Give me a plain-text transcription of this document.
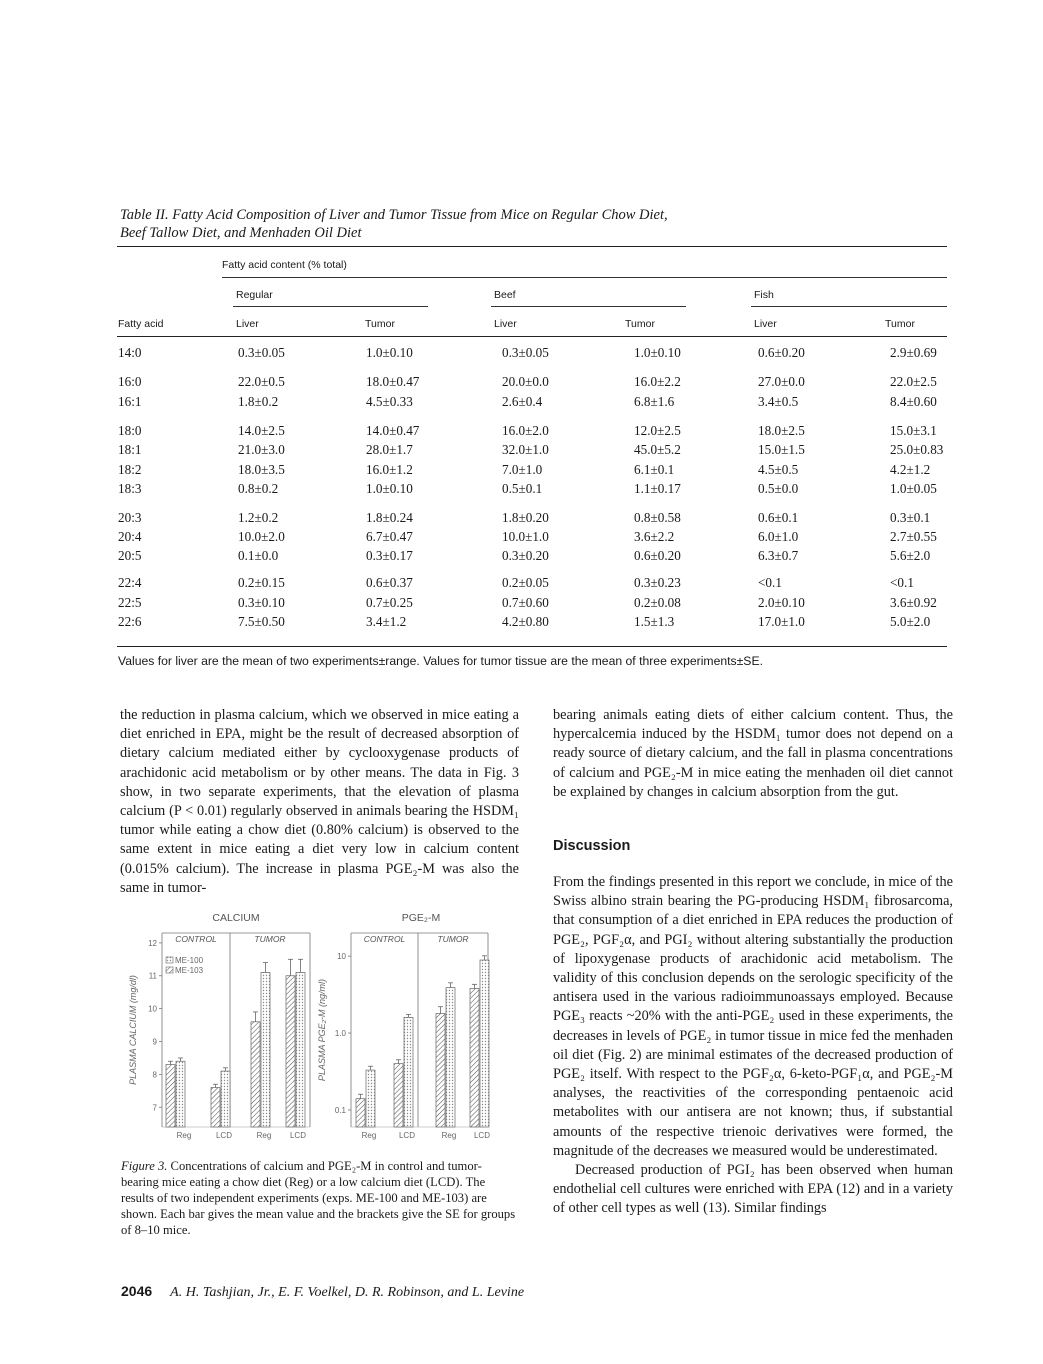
Table II. Fatty Acid Composition of Liver and Tumor Tissue from Mice on Regular Chow Diet, Beef Tallow Diet, and Menhaden Oil Diet
Fatty acid content (% total)
Regular	Beef	Fish
Fatty acid	Liver	Tumor	Liver	Tumor	Liver	Tumor
14:0	0.3±0.05	1.0±0.10	0.3±0.05	1.0±0.10	0.6±0.20	2.9±0.69
16:0	22.0±0.5	18.0±0.47	20.0±0.0	16.0±2.2	27.0±0.0	22.0±2.5
16:1	1.8±0.2	4.5±0.33	2.6±0.4	6.8±1.6	3.4±0.5	8.4±0.60
18:0	14.0±2.5	14.0±0.47	16.0±2.0	12.0±2.5	18.0±2.5	15.0±3.1
18:1	21.0±3.0	28.0±1.7	32.0±1.0	45.0±5.2	15.0±1.5	25.0±0.83
18:2	18.0±3.5	16.0±1.2	7.0±1.0	6.1±0.1	4.5±0.5	4.2±1.2
18:3	0.8±0.2	1.0±0.10	0.5±0.1	1.1±0.17	0.5±0.0	1.0±0.05
20:3	1.2±0.2	1.8±0.24	1.8±0.20	0.8±0.58	0.6±0.1	0.3±0.1
20:4	10.0±2.0	6.7±0.47	10.0±1.0	3.6±2.2	6.0±1.0	2.7±0.55
20:5	0.1±0.0	0.3±0.17	0.3±0.20	0.6±0.20	6.3±0.7	5.6±2.0
22:4	0.2±0.15	0.6±0.37	0.2±0.05	0.3±0.23	<0.1	<0.1
22:5	0.3±0.10	0.7±0.25	0.7±0.60	0.2±0.08	2.0±0.10	3.6±0.92
22:6	7.5±0.50	3.4±1.2	4.2±0.80	1.5±1.3	17.0±1.0	5.0±2.0
Values for liver are the mean of two experiments±range. Values for tumor tissue are the mean of three experiments±SE.

the reduction in plasma calcium, which we observed in mice eating a diet enriched in EPA, might be the result of decreased absorption of dietary calcium mediated either by cyclooxygenase products of arachidonic acid metabolism or by other means. The data in Fig. 3 show, in two separate experiments, that the elevation of plasma calcium (P < 0.01) regularly observed in animals bearing the HSDM₁ tumor while eating a chow diet (0.80% calcium) is observed to the same extent in mice eating a diet very low in calcium content (0.015% calcium). The increase in plasma PGE₂-M was also the same in tumor-

CALCIUM
CONTROL	TUMOR
7
8
9
10
11
12
PLASMA CALCIUM (mg/dl)
Reg	LCD	Reg LCD
ME-100
ME-103
PGE₂-M
CONTROL	TUMOR
0.1
1.0
10
PLASMA PGE₂-M (ng/ml)
Reg	LCD	Reg LCD
Figure 3. Concentrations of calcium and PGE₂-M in control and tumor-bearing mice eating a chow diet (Reg) or a low calcium diet (LCD). The results of two independent experiments (exps. ME-100 and ME-103) are shown. Each bar gives the mean value and the brackets give the SE for groups of 8–10 mice.

bearing animals eating diets of either calcium content. Thus, the hypercalcemia induced by the HSDM₁ tumor does not depend on a ready source of dietary calcium, and the fall in plasma concentrations of calcium and PGE₂-M in mice eating the menhaden oil diet cannot be explained by changes in calcium absorption from the gut.

Discussion

From the findings presented in this report we conclude, in mice of the Swiss albino strain bearing the PG-producing HSDM₁ fibrosarcoma, that consumption of a diet enriched in EPA reduces the production of PGE₂, PGF₂α, and PGI₂ without altering substantially the production of lipoxygenase products of arachidonic acid metabolism. The validity of this conclusion depends on the serologic specificity of the antisera used in the various radioimmunoassays employed. Because PGE₃ reacts ~20% with the anti-PGE₂ used in these experiments, the decreases in levels of PGE₂ in tumor tissue in mice fed the menhaden oil diet (Fig. 2) are minimal estimates of the decreased production of PGE₂ itself. With respect to the PGF₂α, 6-keto-PGF₁α, and PGE₂-M analyses, the reactivities of the corresponding pentaenoic acid metabolites with our antisera are not known; thus, if substantial amounts of the respective trienoic derivatives were formed, the magnitude of the decreases we measured would be underestimated.

Decreased production of PGI₂ has been observed when human endothelial cell cultures were enriched with EPA (12) and in a variety of other cell types as well (13). Similar findings

2046 A. H. Tashjian, Jr., E. F. Voelkel, D. R. Robinson, and L. Levine
